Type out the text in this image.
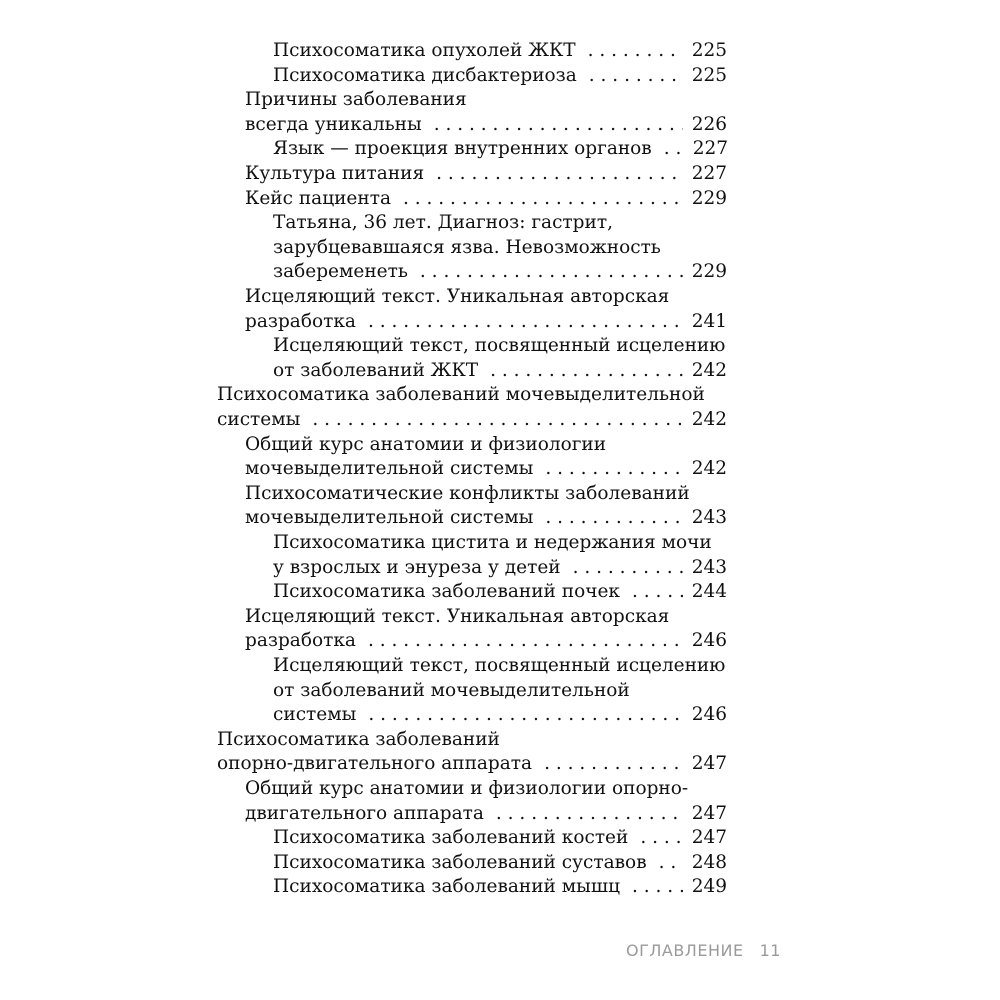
Психосоматика опухолей ЖКТ . . .	225
Психосоматика дисбактериоза . . .	225
Причины заболевания
всегда уникальны . . .	226
Язык — проекция внутренних органов . . . 227
Культура питания . . .	227
Кейс пациента . . .	229
Татьяна, 36 лет. Диагноз: гастрит,
зарубцевавшаяся язва. Невозможность
забеременеть . . .	229
Исцеляющий текст. Уникальная авторская
разработка . . .	241
Исцеляющий текст, посвященный исцелению
от заболеваний ЖКТ . . .	242
Психосоматика заболеваний мочевыделительной
системы . . .	242
Общий курс анатомии и физиологии
мочевыделительной системы . . .	242
Психосоматические конфликты заболеваний
мочевыделительной системы . . .	243
Психосоматика цистита и недержания мочи
у взрослых и энуреза у детей . . .	243
Психосоматика заболеваний почек . . .	244
Исцеляющий текст. Уникальная авторская
разработка . . .	246
Исцеляющий текст, посвященный исцелению
от заболеваний мочевыделительной
системы . . .	246
Психосоматика заболеваний
опорно-двигательного аппарата . . .	247
Общий курс анатомии и физиологии опорно-
двигательного аппарата . . .	247
Психосоматика заболеваний костей . . .	247
Психосоматика заболеваний суставов . . . 248
Психосоматика заболеваний мышц . . .	249
ОГЛАВЛЕНИЕ 11
